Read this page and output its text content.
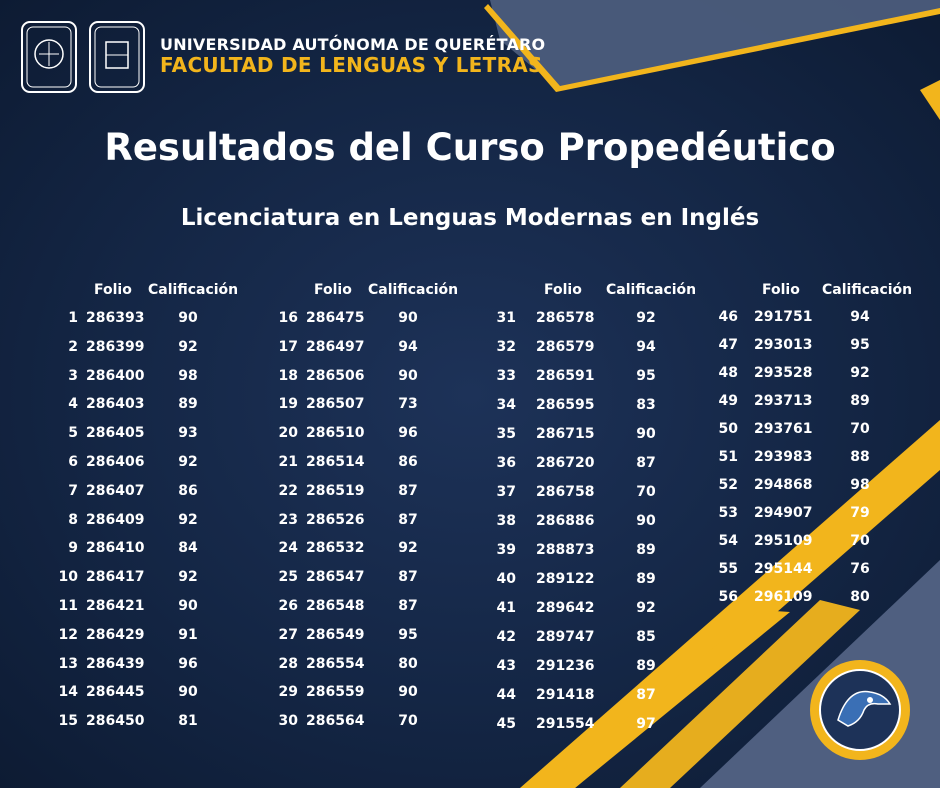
UNIVERSIDAD AUTÓNOMA DE QUERÉTARO
FACULTAD DE LENGUAS Y LETRAS
Resultados del Curso Propedéutico
Licenciatura en Lenguas Modernas en Inglés
Folio Calificación
1 286393	90
2 286399	92
3 286400	98
4 286403	89
5 286405	93
6 286406	92
7 286407	86
8 286409	92
9 286410	84
10 286417	92
11 286421	90
12 286429	91
13 286439	96
14 286445	90
15 286450	81
Folio Calificación
16 286475	90
17 286497	94
18 286506	90
19 286507	73
20 286510	96
21 286514	86
22 286519	87
23 286526	87
24 286532	92
25 286547	87
26 286548	87
27 286549	95
28 286554	80
29 286559	90
30 286564	70
Folio Calificación
31 286578	92
32 286579	94
33 286591	95
34 286595	83
35 286715	90
36 286720	87
37 286758	70
38 286886	90
39 288873	89
40 289122	89
41 289642	92
42 289747	85
43 291236	89
44 291418	87
45 291554	97
Folio Calificación
46 291751	94
47 293013	95
48 293528	92
49 293713	89
50 293761	70
51 293983	88
52 294868	98
53 294907	79
54 295109	70
55 295144	76
56 296109	80
